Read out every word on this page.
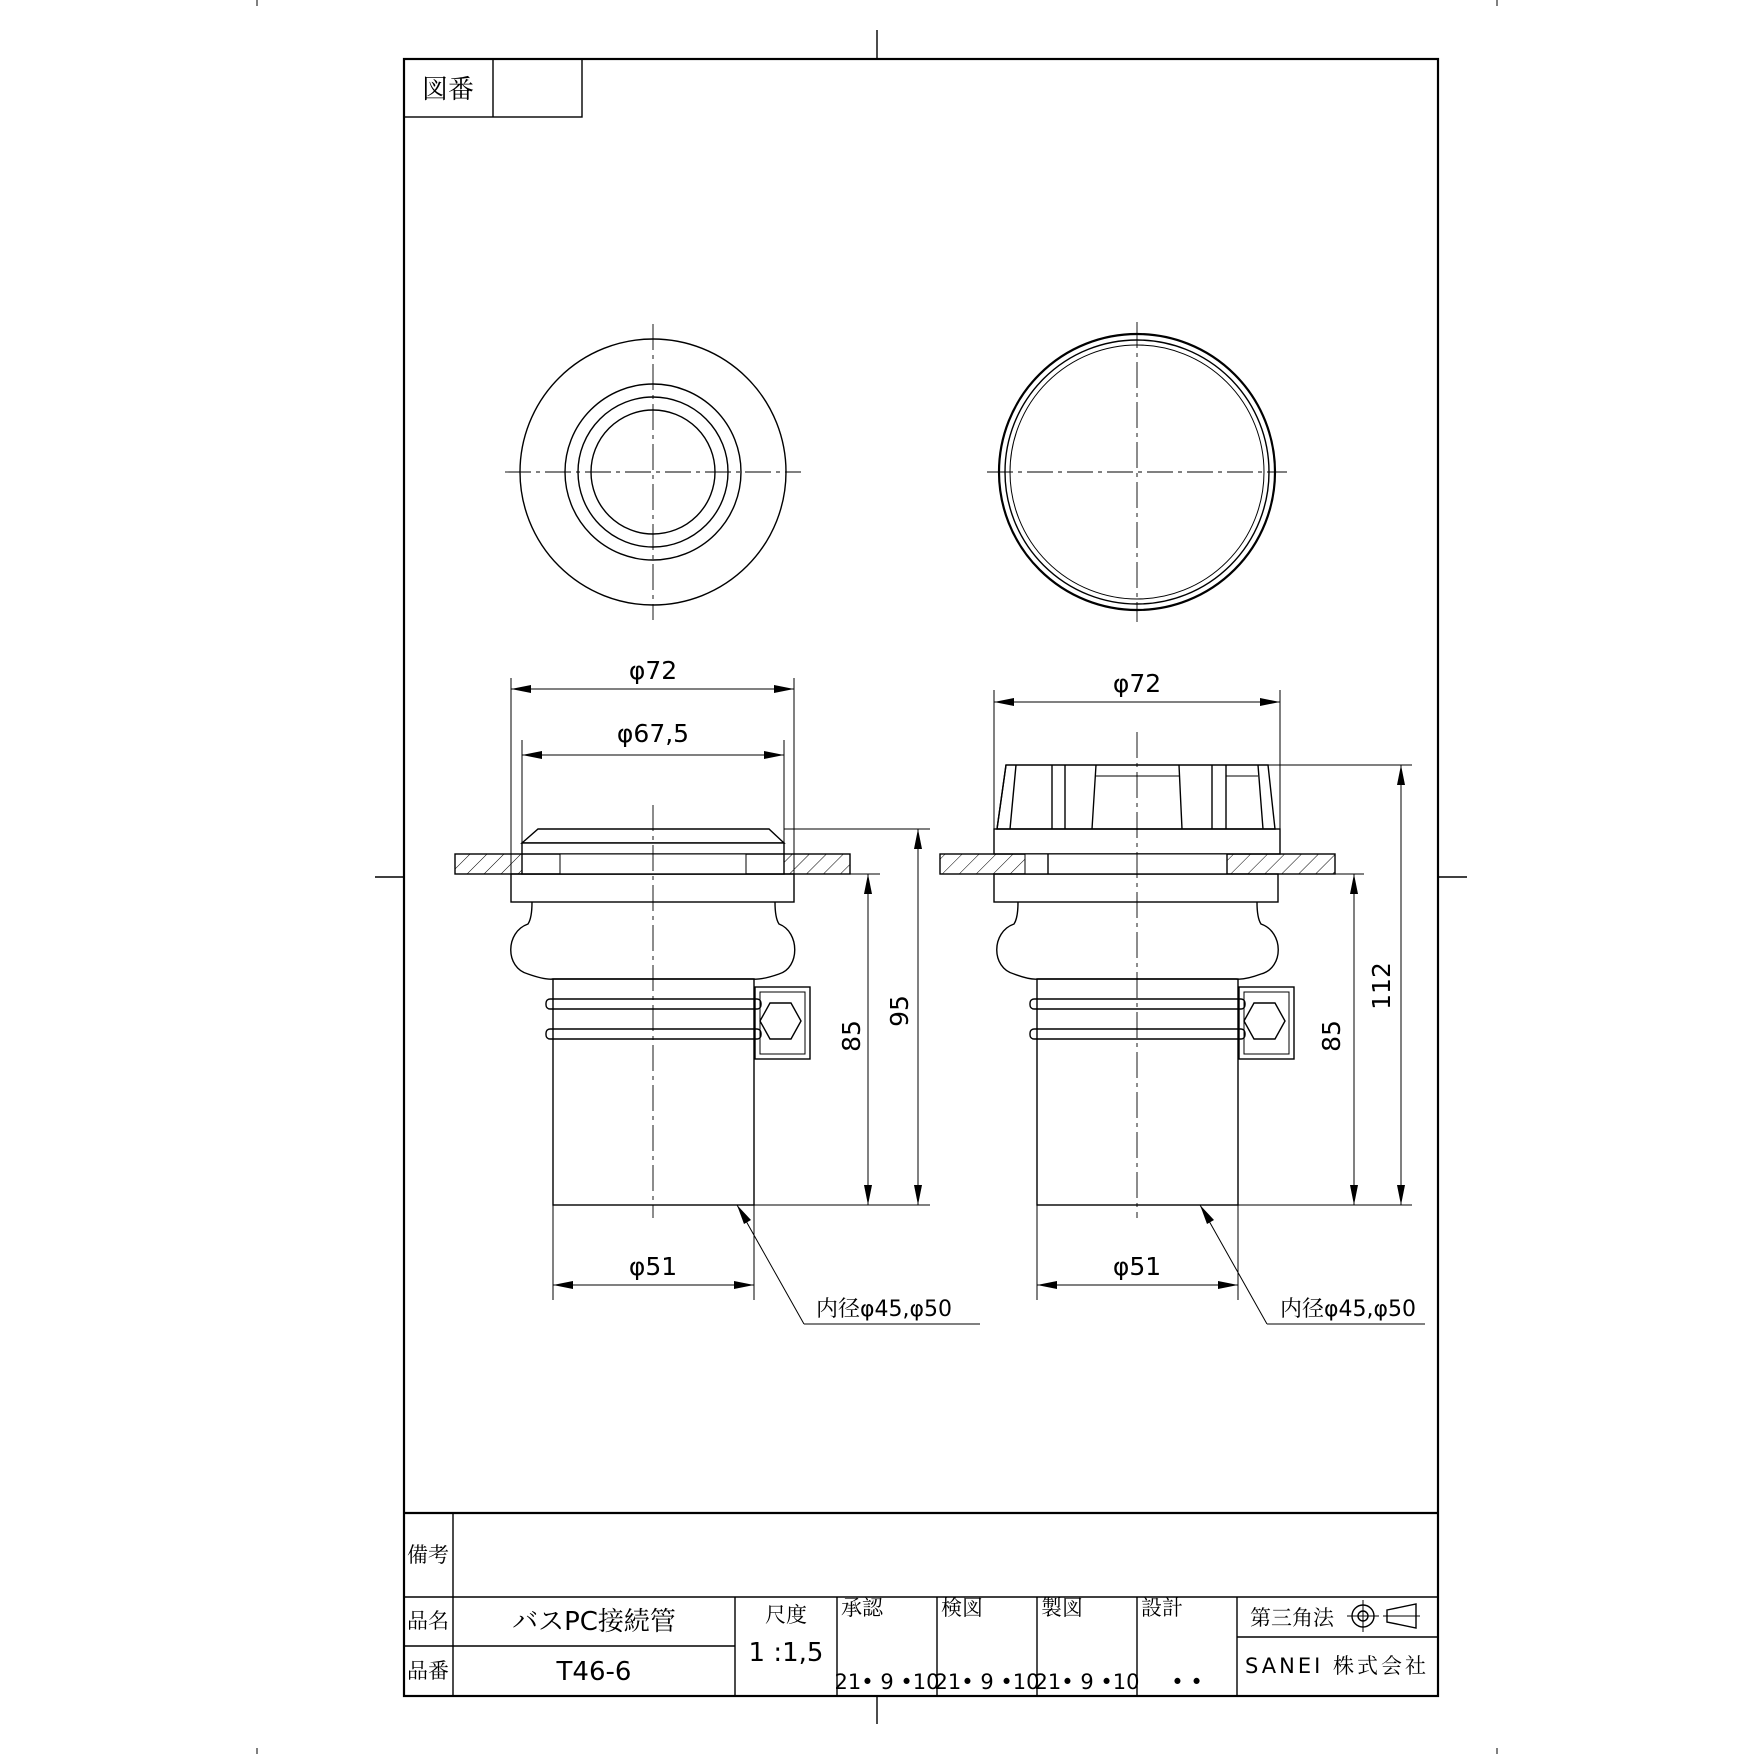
図番
φ72
φ67,5
φ51
85
95
内径φ45,φ50
φ72
φ51
85
112
内径φ45,φ50
備考
品名 バスPC接続管
品番	T46-6
尺度
1 :1,5
承認
21• 9 •10
検図
21• 9 •10
製図
21• 9 •10
設計
• •
第三角法
SANEI 株式会社
